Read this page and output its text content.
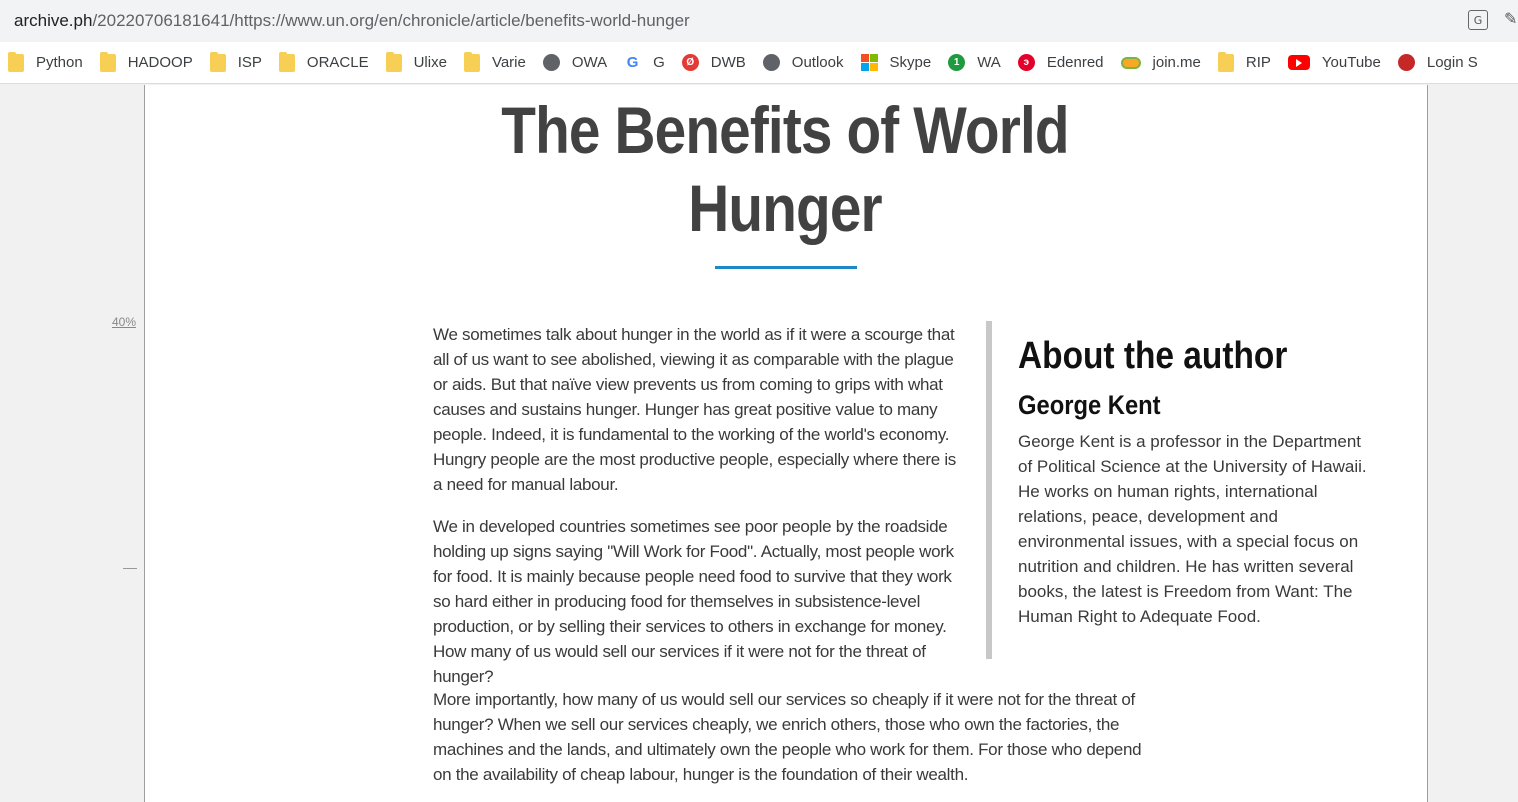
archive.ph/20220706181641/https://www.un.org/en/chronicle/article/benefits-world-hunger	G	✎
Python	HADOOP	ISP	ORACLE	Ulixe	Varie	OWA G G	Ø	DWB	Outlook	Skype	1	WA	э	Edenred	join.me	RIP	YouTube	Login S
40%
The Benefits of World
Hunger

We sometimes talk about hunger in the world as if it were a scourge that all of us want to see abolished, viewing it as comparable with the plague or aids. But that naïve view prevents us from coming to grips with what causes and sustains hunger. Hunger has great positive value to many people. Indeed, it is fundamental to the working of the world's economy. Hungry people are the most productive people, especially where there is a need for manual labour.

We in developed countries sometimes see poor people by the roadside holding up signs saying "Will Work for Food". Actually, most people work for food. It is mainly because people need food to survive that they work so hard either in producing food for themselves in subsistence-level production, or by selling their services to others in exchange for money. How many of us would sell our services if it were not for the threat of hunger?

More importantly, how many of us would sell our services so cheaply if it were not for the threat of hunger? When we sell our services cheaply, we enrich others, those who own the factories, the machines and the lands, and ultimately own the people who work for them. For those who depend on the availability of cheap labour, hunger is the foundation of their wealth.

About the author
George Kent

George Kent is a professor in the Department of Political Science at the University of Hawaii. He works on human rights, international relations, peace, development and environmental issues, with a special focus on nutrition and children. He has written several books, the latest is Freedom from Want: The Human Right to Adequate Food.
